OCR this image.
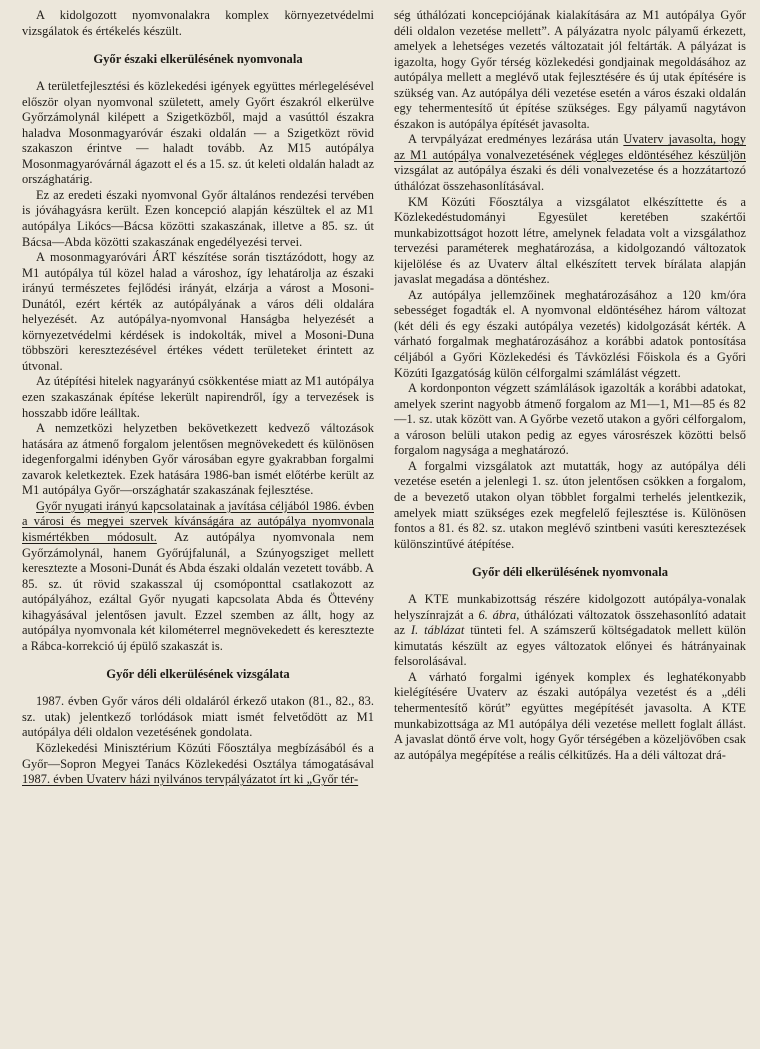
A kidolgozott nyomvonalakra komplex környezetvédelmi vizsgálatok és értékelés készült.

Győr északi elkerülésének nyomvonala

A területfejlesztési és közlekedési igények együttes mérlegelésével először olyan nyomvonal született, amely Győrt északról elkerülve Győrzámolynál kilépett a Szigetközből, majd a vasúttól északra haladva Mosonmagyaróvár északi oldalán — a Szigetközt rövid szakaszon érintve — haladt tovább. Az M15 autópálya Mosonmagyaróvárnál ágazott el és a 15. sz. út keleti oldalán haladt az országhatárig.

Ez az eredeti északi nyomvonal Győr általános rendezési tervében is jóváhagyásra került. Ezen koncepció alapján készültek el az M1 autópálya Likócs—Bácsa közötti szakaszának, illetve a 85. sz. út Bácsa—Abda közötti szakaszának engedélyezési tervei.

A mosonmagyaróvári ÁRT készítése során tisztázódott, hogy az M1 autópálya túl közel halad a városhoz, így lehatárolja az északi irányú természetes fejlődési irányát, elzárja a várost a Mosoni-Dunától, ezért kérték az autópályának a város déli oldalára helyezését. Az autópálya-nyomvonal Hanságba helyezését a környezetvédelmi kérdések is indokolták, mivel a Mosoni-Duna többszöri keresztezésével értékes védett területeket érintett az útvonal.

Az útépítési hitelek nagyarányú csökkentése miatt az M1 autópálya ezen szakaszának építése lekerült napirendről, így a tervezések is hosszabb időre leálltak.

A nemzetközi helyzetben bekövetkezett kedvező változások hatására az átmenő forgalom jelentősen megnövekedett és különösen idegenforgalmi idényben Győr városában egyre gyakrabban forgalmi zavarok keletkeztek. Ezek hatására 1986-ban ismét előtérbe került az M1 autópálya Győr—országhatár szakaszának fejlesztése.

Győr nyugati irányú kapcsolatainak a javítása céljából 1986. évben a városi és megyei szervek kívánságára az autópálya nyomvonala kismértékben módosult. Az autópálya nyomvonala nem Győrzámolynál, hanem Győrújfalunál, a Szúnyogsziget mellett keresztezte a Mosoni-Dunát és Abda északi oldalán vezetett tovább. A 85. sz. út rövid szakasszal új csomóponttal csatlakozott az autópályához, ezáltal Győr nyugati kapcsolata Abda és Öttevény kihagyásával jelentősen javult. Ezzel szemben az állt, hogy az autópálya nyomvonala két kilométerrel megnövekedett és keresztezte a Rábca-korrekció új épülő szakaszát is.

Győr déli elkerülésének vizsgálata

1987. évben Győr város déli oldaláról érkező utakon (81., 82., 83. sz. utak) jelentkező torlódások miatt ismét felvetődött az M1 autópálya déli oldalon vezetésének gondolata.

Közlekedési Minisztérium Közúti Főosztálya megbízásából és a Győr—Sopron Megyei Tanács Közlekedési Osztálya támogatásával 1987. évben Uvaterv házi nyilvános tervpályázatot írt ki „Győr tér-

ség úthálózati koncepciójának kialakítására az M1 autópálya Győr déli oldalon vezetése mellett”. A pályázatra nyolc pályamű érkezett, amelyek a lehetséges vezetés változatait jól feltárták. A pályázat is igazolta, hogy Győr térség közlekedési gondjainak megoldásához az autópálya mellett a meglévő utak fejlesztésére és új utak építésére is szükség van. Az autópálya déli vezetése esetén a város északi oldalán egy tehermentesítő út építése szükséges. Egy pályamű nagytávon északon is autópálya építését javasolta.

A tervpályázat eredményes lezárása után Uvaterv javasolta, hogy az M1 autópálya vonalvezetésének végleges eldöntéséhez készüljön vizsgálat az autópálya északi és déli vonalvezetése és a hozzátartozó úthálózat összehasonlításával.

KM Közúti Főosztálya a vizsgálatot elkészíttette és a Közlekedéstudományi Egyesület keretében szakértői munkabizottságot hozott létre, amelynek feladata volt a vizsgálathoz tervezési paraméterek meghatározása, a kidolgozandó változatok kijelölése és az Uvaterv által elkészített tervek bírálata alapján javaslat megadása a döntéshez.

Az autópálya jellemzőinek meghatározásához a 120 km/óra sebességet fogadták el. A nyomvonal eldöntéséhez három változat (két déli és egy északi autópálya vezetés) kidolgozását kérték. A várható forgalmak meghatározásához a korábbi adatok pontosítása céljából a Győri Közlekedési és Távközlési Főiskola és a Győri Közúti Igazgatóság külön célforgalmi számlálást végzett.

A kordonponton végzett számlálások igazolták a korábbi adatokat, amelyek szerint nagyobb átmenő forgalom az M1—1, M1—85 és 82—1. sz. utak között van. A Győrbe vezető utakon a győri célforgalom, a városon belüli utakon pedig az egyes városrészek közötti belső forgalom nagysága a meghatározó.

A forgalmi vizsgálatok azt mutatták, hogy az autópálya déli vezetése esetén a jelenlegi 1. sz. úton jelentősen csökken a forgalom, de a bevezető utakon olyan többlet forgalmi terhelés jelentkezik, amelyek miatt szükséges ezek megfelelő fejlesztése is. Különösen fontos a 81. és 82. sz. utakon meglévő szintbeni vasúti keresztezések különszintűvé átépítése.

Győr déli elkerülésének nyomvonala

A KTE munkabizottság részére kidolgozott autópálya-vonalak helyszínrajzát a 6. ábra, úthálózati változatok összehasonlító adatait az I. táblázat tünteti fel. A számszerű költségadatok mellett külön kimutatás készült az egyes változatok előnyei és hátrányainak felsorolásával.

A várható forgalmi igények komplex és leghatékonyabb kielégítésére Uvaterv az északi autópálya vezetést és a „déli tehermentesítő körút” együttes megépítését javasolta. A KTE munkabizottsága az M1 autópálya déli vezetése mellett foglalt állást. A javaslat döntő érve volt, hogy Győr térségében a közeljövőben csak az autópálya megépítése a reális célkitűzés. Ha a déli változat drá-
